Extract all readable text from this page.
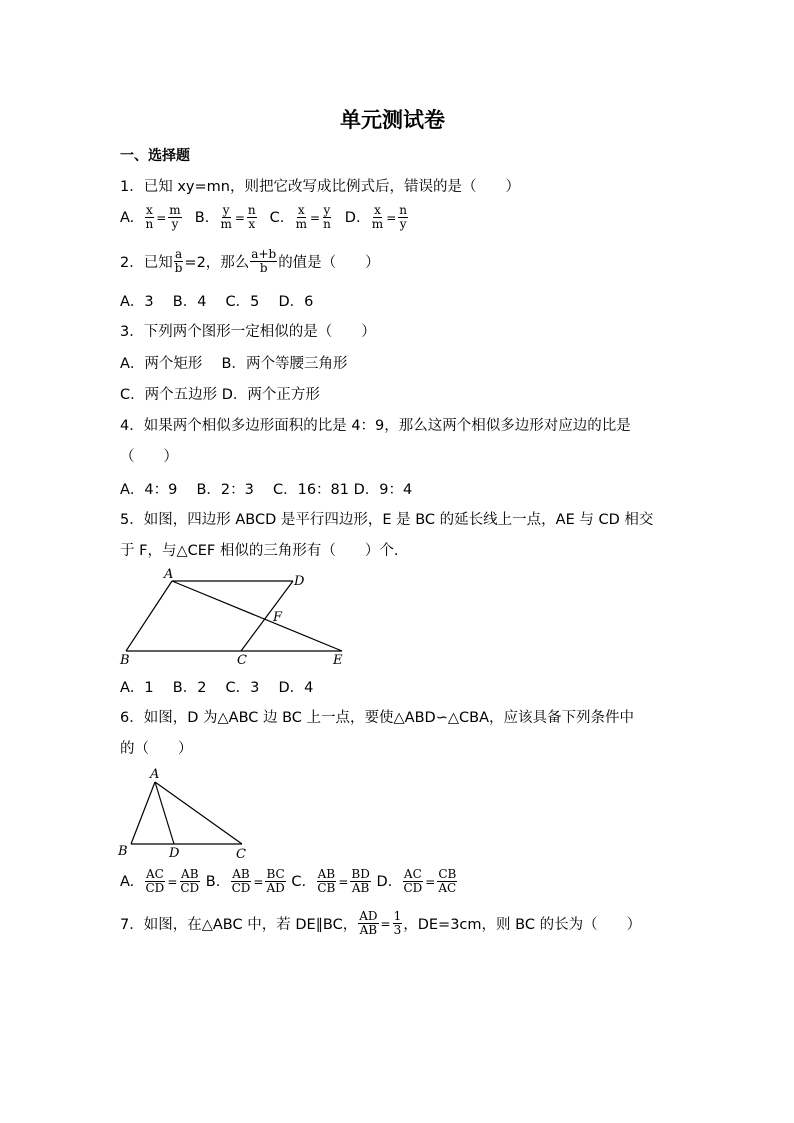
单元测试卷
一、选择题
1．已知 xy=mn，则把它改写成比例式后，错误的是（　　）
A. $\frac{x}{n} = \frac{m}{y} B$. $\frac{y}{m} = \frac{n}{x} C$. $\frac{x}{m} = \frac{y}{n} D$. $\frac{x}{m} = \frac{n}{y}$
2．已知 $\frac{a}{b} =2$，那么 $\frac{a+b}{b}$ 的值是（　　）
A．3　 B．4　 C．5　 D．6
3．下列两个图形一定相似的是（　　）
A．两个矩形　 B．两个等腰三角形
C．两个五边形 D．两个正方形
4．如果两个相似多边形面积的比是 4：9，那么这两个相似多边形对应边的比是
（　　）
A．4：9　 B．2：3　 C．16：81 D．9：4
5．如图，四边形 ABCD 是平行四边形，E 是 BC 的延长线上一点，AE 与 CD 相交
于 F，与△CEF 相似的三角形有（　　）个.
A	D
F
B	C	E
A．1　 B．2　 C．3　 D．4
6．如图，D 为△ABC 边 BC 上一点，要使△ABD∽△CBA，应该具备下列条件中
的（　　）
A
B	D	C
A. $\frac{AC}{CD} = \frac{AB}{CD}$
B. $\frac{AB}{CD} = \frac{BC}{AD}$
C. $\frac{AB}{CB} = \frac{BD}{AB}$
D. $\frac{AC}{CD} = \frac{CB}{AC}$
7．如图，在△ABC 中，若 DE∥BC， $\frac{AD}{AB} = \frac{1}{3}$ ，DE=3cm，则 BC 的长为（　　）
